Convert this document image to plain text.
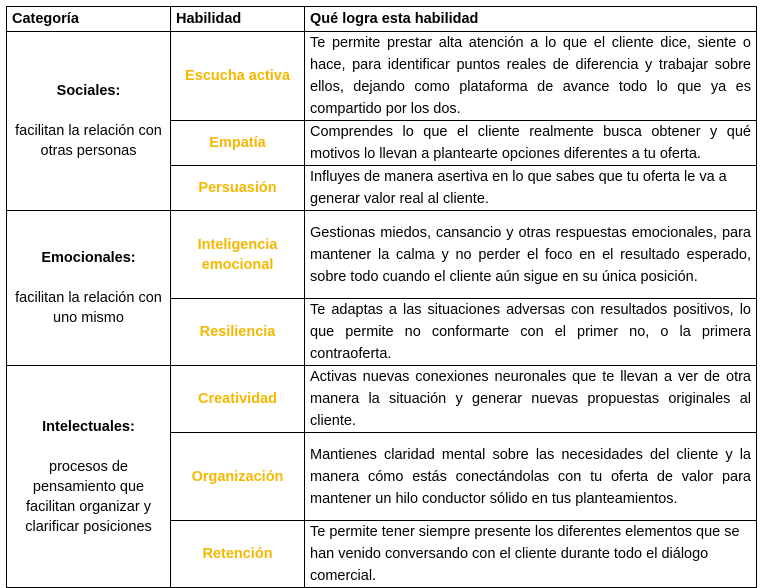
Categoría	Habilidad	Qué logra esta habilidad

Sociales:
facilitan la relación con otras personas	Escucha activa	Te permite prestar alta atención a lo que el cliente dice, siente o hace, para identificar puntos reales de diferencia y trabajar sobre ellos, dejando como plataforma de avance todo lo que ya es compartido por los dos.
	Empatía	Comprendes lo que el cliente realmente busca obtener y qué motivos lo llevan a plantearte opciones diferentes a tu oferta.
	Persuasión	Influyes de manera asertiva en lo que sabes que tu oferta le va a generar valor real al cliente.

Emocionales:
facilitan la relación con uno mismo	Inteligencia emocional	Gestionas miedos, cansancio y otras respuestas emocionales, para mantener la calma y no perder el foco en el resultado esperado, sobre todo cuando el cliente aún sigue en su única posición.
	Resiliencia	Te adaptas a las situaciones adversas con resultados positivos, lo que permite no conformarte con el primer no, o la primera contraoferta.

Intelectuales:
procesos de pensamiento que facilitan organizar y clarificar posiciones	Creatividad	Activas nuevas conexiones neuronales que te llevan a ver de otra manera la situación y generar nuevas propuestas originales al cliente.
	Organización	Mantienes claridad mental sobre las necesidades del cliente y la manera cómo estás conectándolas con tu oferta de valor para mantener un hilo conductor sólido en tus planteamientos.
	Retención	Te permite tener siempre presente los diferentes elementos que se han venido conversando con el cliente durante todo el diálogo comercial.
